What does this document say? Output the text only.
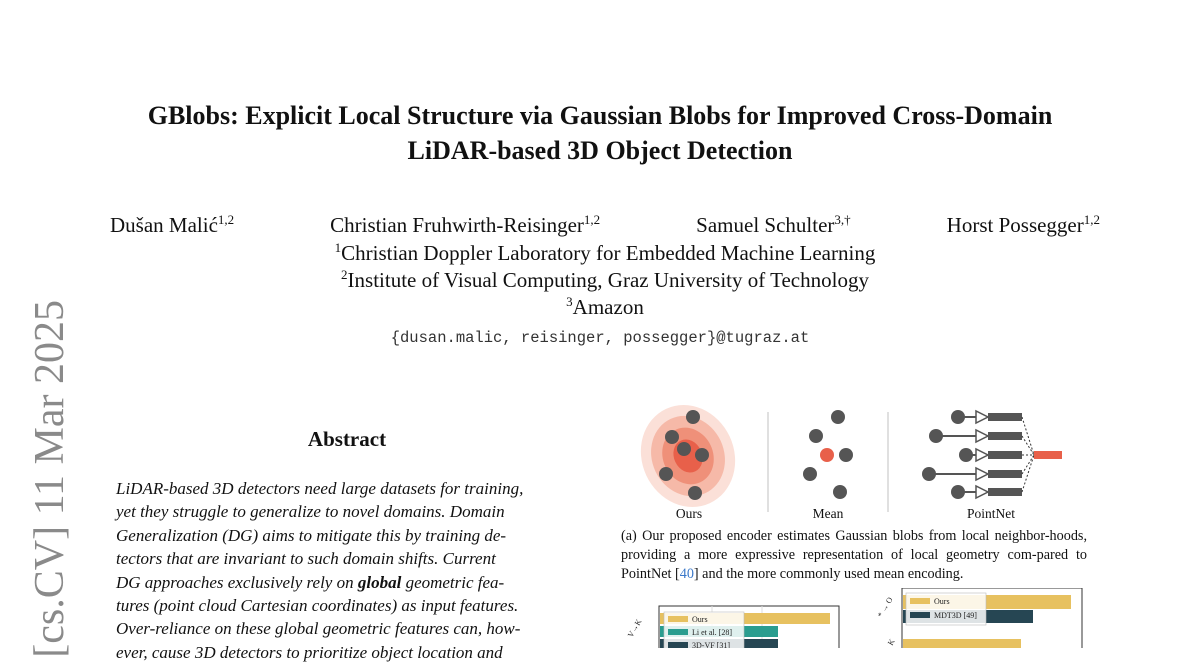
[cs.CV] 11 Mar 2025
GBlobs: Explicit Local Structure via Gaussian Blobs for Improved Cross-Domain
LiDAR-based 3D Object Detection
Dušan Malić$^{1,2}$	Christian Fruhwirth-Reisinger$^{1,2}$	Samuel Schulter$^{3,\dagger}$	Horst Possegger$^{1,2}$
$^1$Christian Doppler Laboratory for Embedded Machine Learning
$^2$Institute of Visual Computing, Graz University of Technology
$^3$Amazon
{dusan.malic, reisinger, possegger}@tugraz.at
Abstract
LiDAR-based 3D detectors need large datasets for training,
yet they struggle to generalize to novel domains. Domain
Generalization (DG) aims to mitigate this by training de-
tectors that are invariant to such domain shifts. Current
DG approaches exclusively rely on global geometric fea-
tures (point cloud Cartesian coordinates) as input features.
Over-reliance on these global geometric features can, how-
ever, cause 3D detectors to prioritize object location and
Ours	Mean	PointNet
(a) Our proposed encoder estimates Gaussian blobs from local neighbor-hoods, providing a more expressive representation of local geometry com-pared to PointNet [40] and the more commonly used mean encoding.
V→K	Ours
Li et al. [28]
3D-VF [31]
* → O
K
Ours
MDT3D [49]
